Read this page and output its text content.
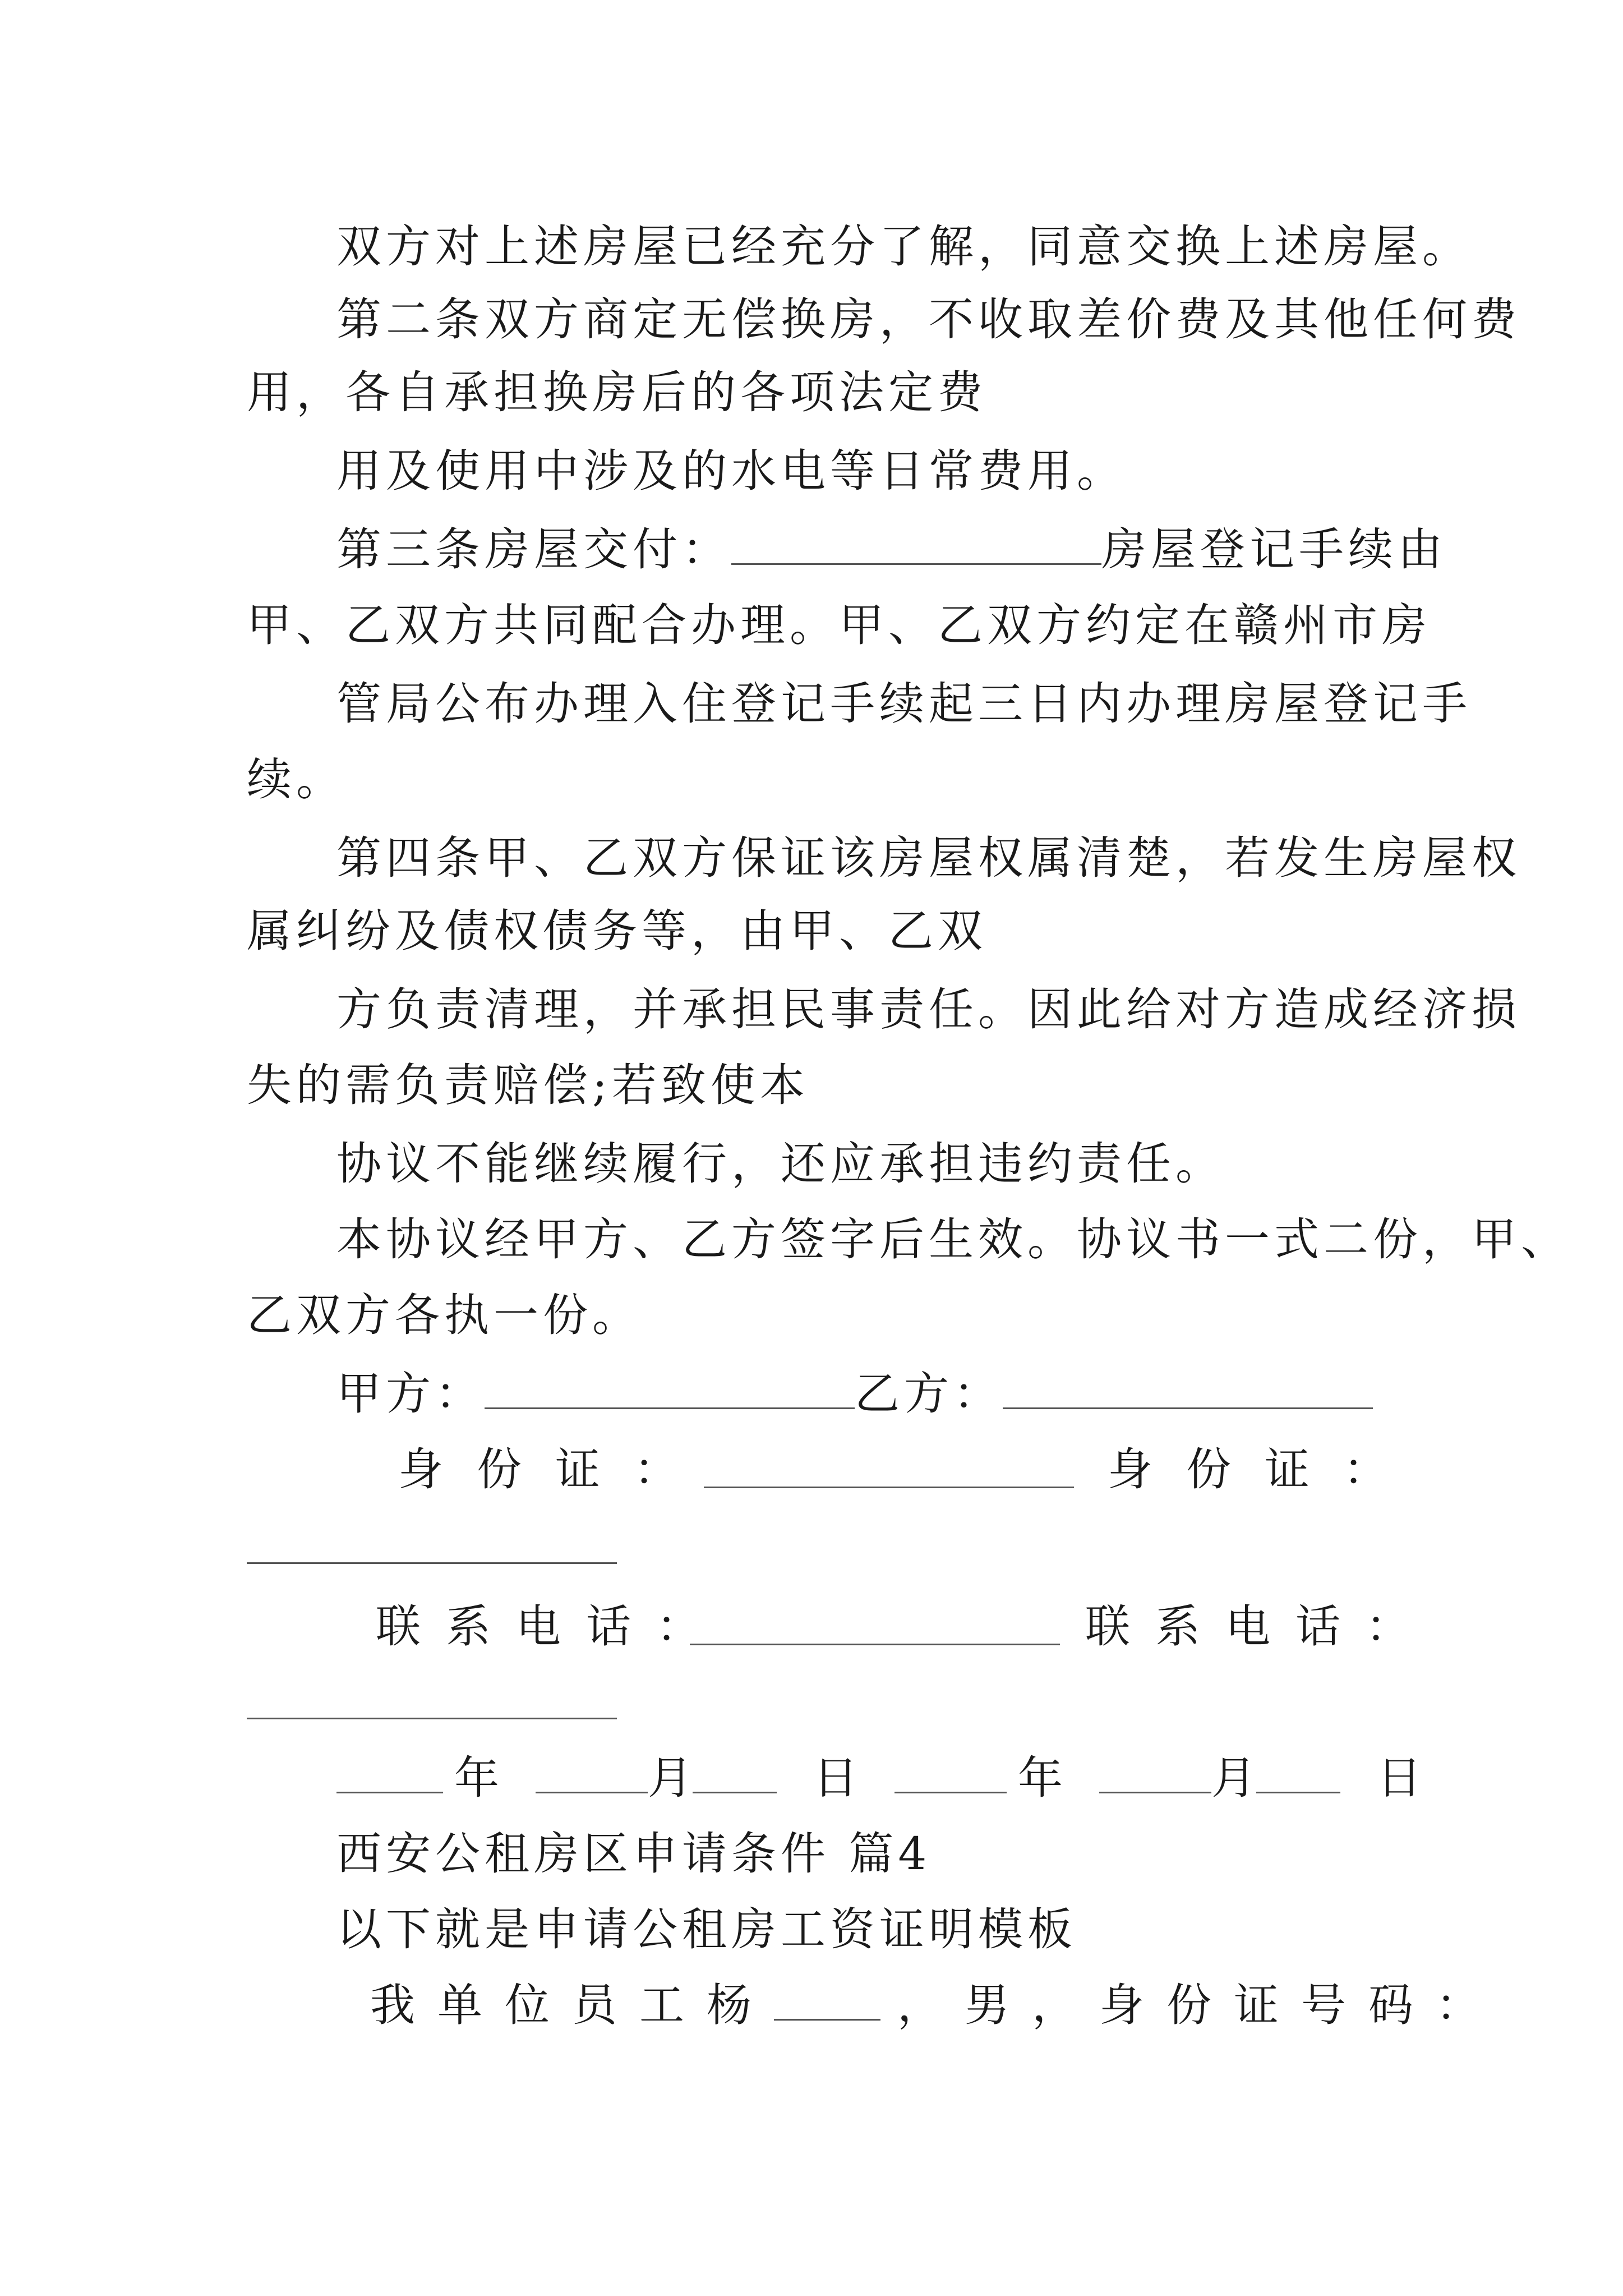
双方对上述房屋已经充分了解，同意交换上述房屋。
第二条双方商定无偿换房，不收取差价费及其他任何费
用，各自承担换房后的各项法定费
用及使用中涉及的水电等日常费用。
第三条房屋交付：	房屋登记手续由
甲、乙双方共同配合办理。甲、乙双方约定在赣州市房
管局公布办理入住登记手续起三日内办理房屋登记手
续。
第四条甲、乙双方保证该房屋权属清楚，若发生房屋权
属纠纷及债权债务等，由甲、乙双
方负责清理，并承担民事责任。因此给对方造成经济损
失的需负责赔偿;若致使本
协议不能继续履行，还应承担违约责任。
本协议经甲方、乙方签字后生效。协议书一式二份，甲、
乙双方各执一份。
甲方：	乙方：
身份证：	身份证：
联系电话：	联系电话：
年	月	日	年	月	日
西安公租房区申请条件 篇4
以下就是申请公租房工资证明模板
我单位员工杨	，男，身份证号码：
